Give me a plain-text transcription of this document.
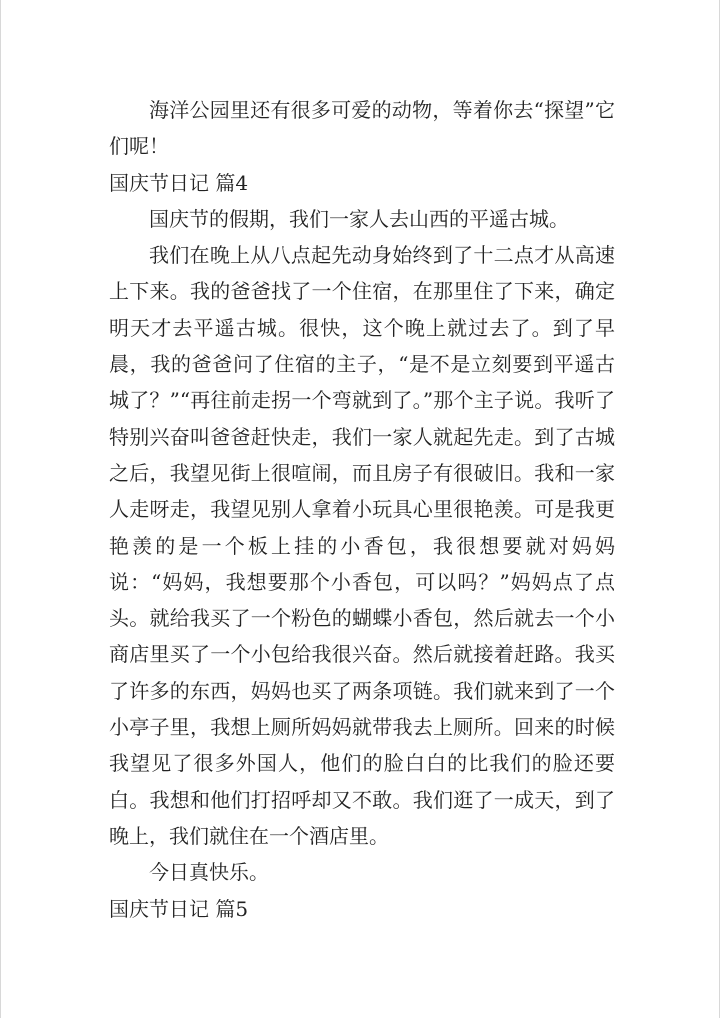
海洋公园里还有很多可爱的动物，等着你去“探望”它们呢！

国庆节日记 篇4

国庆节的假期，我们一家人去山西的平遥古城。

我们在晚上从八点起先动身始终到了十二点才从高速上下来。我的爸爸找了一个住宿，在那里住了下来，确定明天才去平遥古城。很快，这个晚上就过去了。到了早晨，我的爸爸问了住宿的主子，“是不是立刻要到平遥古城了？”“再往前走拐一个弯就到了。”那个主子说。我听了特别兴奋叫爸爸赶快走，我们一家人就起先走。到了古城之后，我望见街上很喧闹，而且房子有很破旧。我和一家人走呀走，我望见别人拿着小玩具心里很艳羡。可是我更艳羡的是一个板上挂的小香包，我很想要就对妈妈说：“妈妈，我想要那个小香包，可以吗？”妈妈点了点头。就给我买了一个粉色的蝴蝶小香包，然后就去一个小商店里买了一个小包给我很兴奋。然后就接着赶路。我买了许多的东西，妈妈也买了两条项链。我们就来到了一个小亭子里，我想上厕所妈妈就带我去上厕所。回来的时候我望见了很多外国人，他们的脸白白的比我们的脸还要白。我想和他们打招呼却又不敢。我们逛了一成天，到了晚上，我们就住在一个酒店里。

今日真快乐。

国庆节日记 篇5
